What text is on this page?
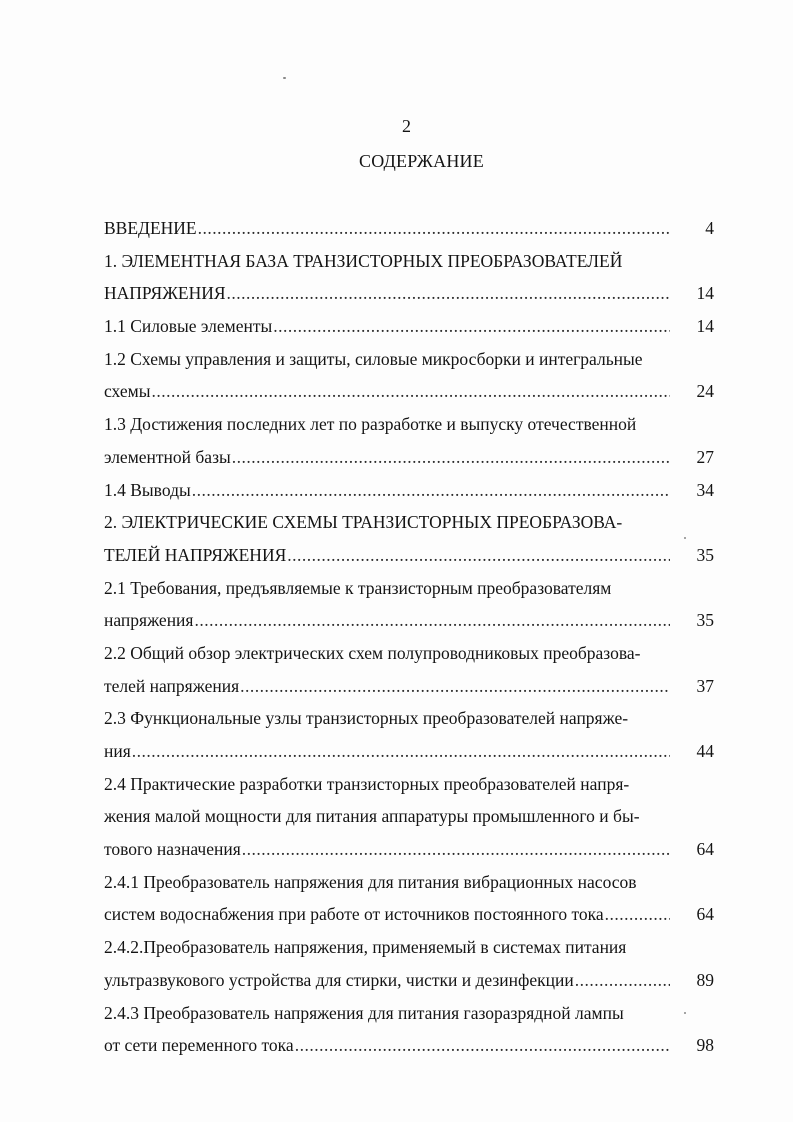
2
СОДЕРЖАНИЕ
ВВЕДЕНИЕ .....	4
1. ЭЛЕМЕНТНАЯ БАЗА ТРАНЗИСТОРНЫХ ПРЕОБРАЗОВАТЕЛЕЙ
НАПРЯЖЕНИЯ .....	14
1.1 Силовые элементы .....	14
1.2 Схемы управления и защиты, силовые микросборки и интегральные
схемы .....	24
1.3 Достижения последних лет по разработке и выпуску отечественной
элементной базы .....	27
1.4 Выводы .....	34
2. ЭЛЕКТРИЧЕСКИЕ СХЕМЫ ТРАНЗИСТОРНЫХ ПРЕОБРАЗОВА-
ТЕЛЕЙ НАПРЯЖЕНИЯ .....	35
2.1 Требования, предъявляемые к транзисторным преобразователям
напряжения .....	35
2.2 Общий обзор электрических схем полупроводниковых преобразова-
телей напряжения .....	37
2.3 Функциональные узлы транзисторных преобразователей напряже-
ния .....	44
2.4 Практические разработки транзисторных преобразователей напря-
жения малой мощности для питания аппаратуры промышленного и бы-
тового назначения .....	64
2.4.1 Преобразователь напряжения для питания вибрационных насосов
систем водоснабжения при работе от источников постоянного тока .....	64
2.4.2.Преобразователь напряжения, применяемый в системах питания
ультразвукового устройства для стирки, чистки и дезинфекции .....	89
2.4.3 Преобразователь напряжения для питания газоразрядной лампы
от сети переменного тока .....	98
